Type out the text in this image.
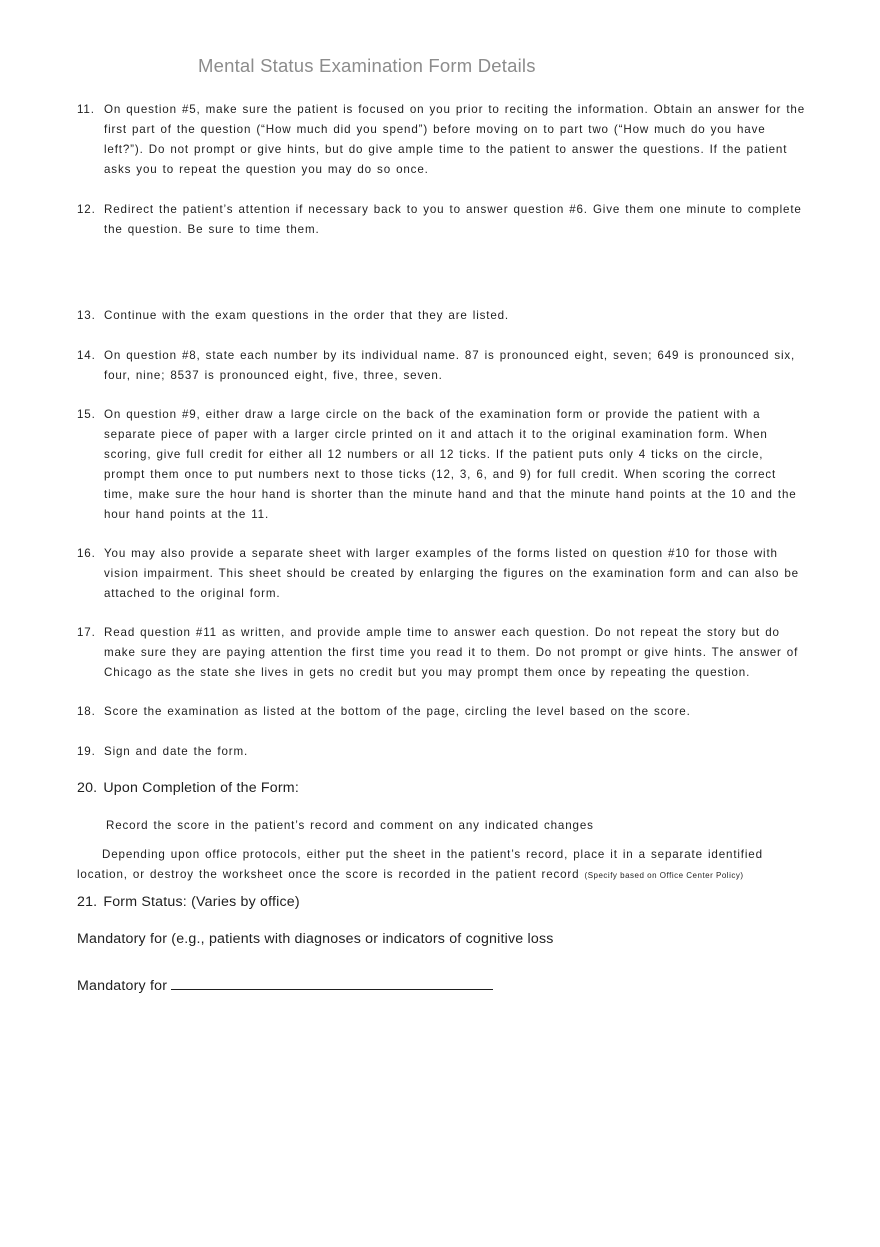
Mental Status Examination Form Details
11. On question #5, make sure the patient is focused on you prior to reciting the information. Obtain an answer for the first part of the question (“How much did you spend”) before moving on to part two (“How much do you have left?”). Do not prompt or give hints, but do give ample time to the patient to answer the questions. If the patient asks you to repeat the question you may do so once.
12. Redirect the patient’s attention if necessary back to you to answer question #6. Give them one minute to complete the question. Be sure to time them.
13. Continue with the exam questions in the order that they are listed.
14. On question #8, state each number by its individual name. 87 is pronounced eight, seven; 649 is pronounced six, four, nine; 8537 is pronounced eight, five, three, seven.
15. On question #9, either draw a large circle on the back of the examination form or provide the patient with a separate piece of paper with a larger circle printed on it and attach it to the original examination form. When scoring, give full credit for either all 12 numbers or all 12 ticks. If the patient puts only 4 ticks on the circle, prompt them once to put numbers next to those ticks (12, 3, 6, and 9) for full credit. When scoring the correct time, make sure the hour hand is shorter than the minute hand and that the minute hand points at the 10 and the hour hand points at the 11.
16. You may also provide a separate sheet with larger examples of the forms listed on question #10 for those with vision impairment. This sheet should be created by enlarging the figures on the examination form and can also be attached to the original form.
17. Read question #11 as written, and provide ample time to answer each question. Do not repeat the story but do make sure they are paying attention the first time you read it to them. Do not prompt or give hints. The answer of Chicago as the state she lives in gets no credit but you may prompt them once by repeating the question.
18. Score the examination as listed at the bottom of the page, circling the level based on the score.
19. Sign and date the form.
20. Upon Completion of the Form:
Record the score in the patient’s record and comment on any indicated changes
Depending upon office protocols, either put the sheet in the patient’s record, place it in a separate identified
location, or destroy the worksheet once the score is recorded in the patient record (Specify based on Office Center Policy)
21. Form Status: (Varies by office)
Mandatory for (e.g., patients with diagnoses or indicators of cognitive loss
Mandatory for
